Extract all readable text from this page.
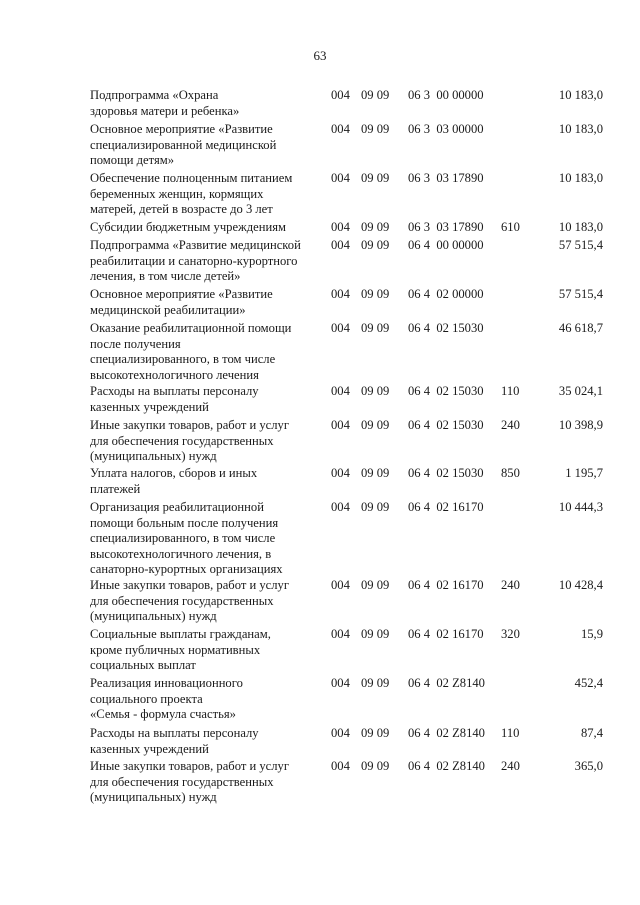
63
Подпрограмма «Охрана
здоровья матери и ребенка»
004 09 09 06 3  00 00000	10 183,0
Основное мероприятие «Развитие
специализированной медицинской
помощи детям»
004 09 09 06 3  03 00000	10 183,0
Обеспечение полноценным питанием
беременных женщин, кормящих
матерей, детей в возрасте до 3 лет
004 09 09 06 3  03 17890	10 183,0
Субсидии бюджетным учреждениям	004 09 09 06 3  03 17890 610	10 183,0
Подпрограмма «Развитие медицинской
реабилитации и санаторно-курортного
лечения, в том числе детей»
004 09 09 06 4  00 00000	57 515,4
Основное мероприятие «Развитие
медицинской реабилитации»
004 09 09 06 4  02 00000	57 515,4
Оказание реабилитационной помощи
после получения
специализированного, в том числе
высокотехнологичного лечения
004 09 09 06 4  02 15030	46 618,7
Расходы на выплаты персоналу
казенных учреждений
004 09 09 06 4  02 15030 110	35 024,1
Иные закупки товаров, работ и услуг
для обеспечения государственных
(муниципальных) нужд
004 09 09 06 4  02 15030 240	10 398,9
Уплата налогов, сборов и иных
платежей
004 09 09 06 4  02 15030 850	1 195,7
Организация реабилитационной
помощи больным после получения
специализированного, в том числе
высокотехнологичного лечения, в
санаторно-курортных организациях
004 09 09 06 4  02 16170	10 444,3
Иные закупки товаров, работ и услуг
для обеспечения государственных
(муниципальных) нужд
004 09 09 06 4  02 16170 240	10 428,4
Социальные выплаты гражданам,
кроме публичных нормативных
социальных выплат
004 09 09 06 4  02 16170 320	15,9
Реализация инновационного
социального проекта
«Семья - формула счастья»
004 09 09 06 4  02 Z8140	452,4
Расходы на выплаты персоналу
казенных учреждений
004 09 09 06 4  02 Z8140 110	87,4
Иные закупки товаров, работ и услуг
для обеспечения государственных
(муниципальных) нужд
004 09 09 06 4  02 Z8140 240	365,0
